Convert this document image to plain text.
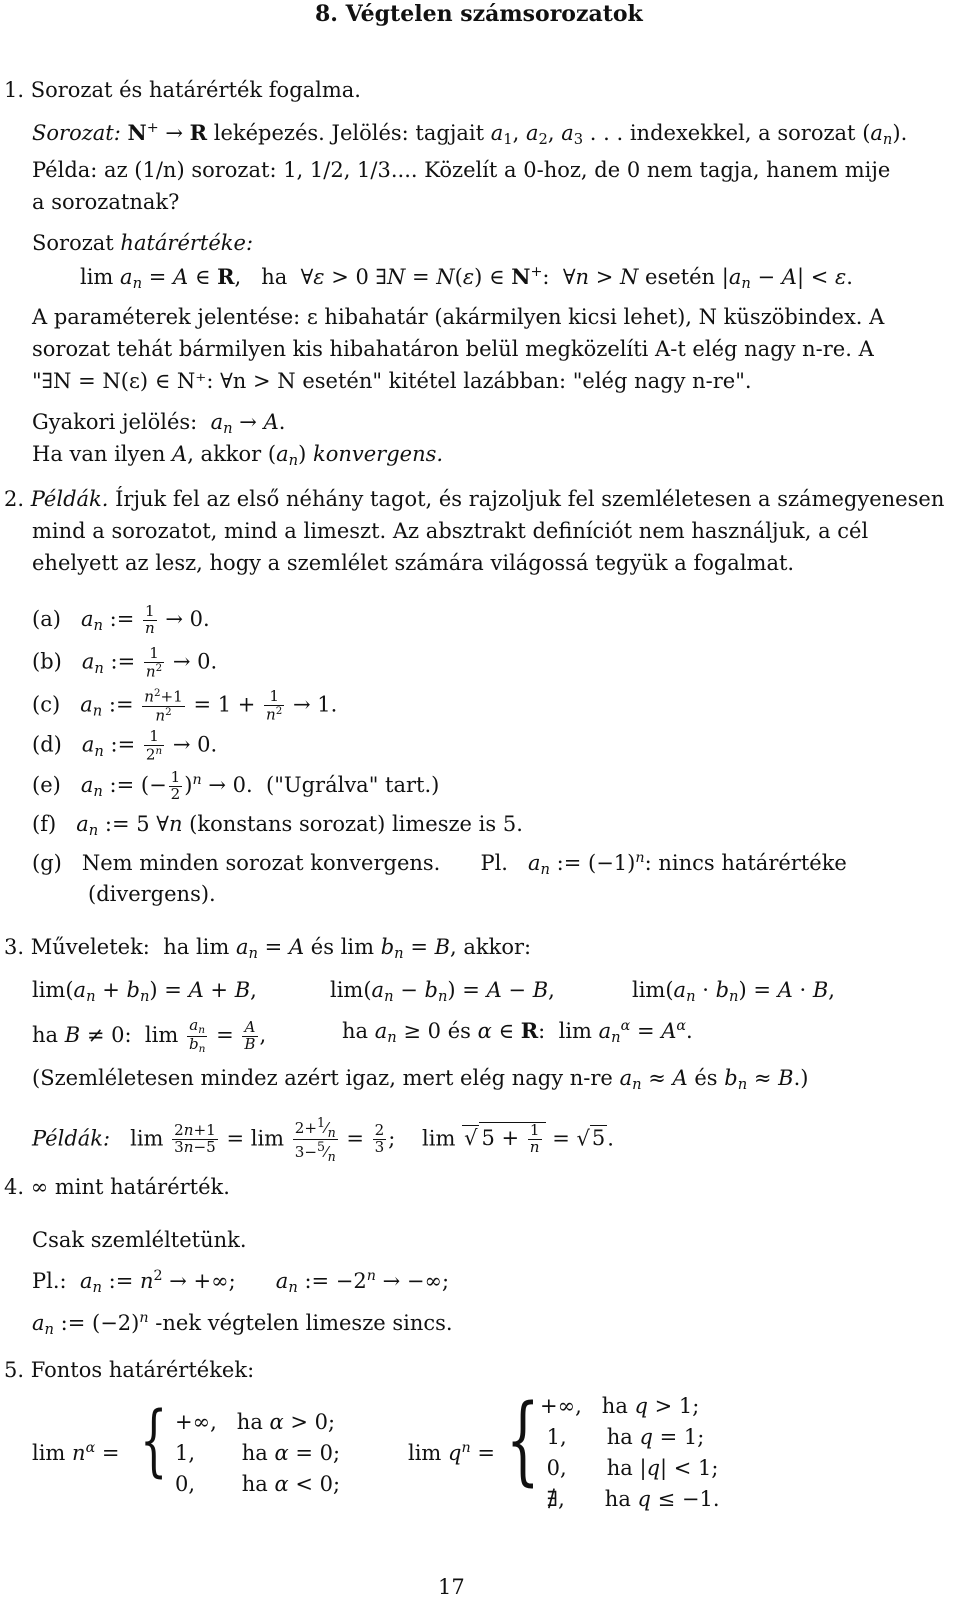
8. Végtelen számsorozatok
1. Sorozat és határérték fogalma.
Sorozat: N+ → R leképezés. Jelölés: tagjait $a_1$, $a_2$, $a_3$ . . . indexekkel, a sorozat $(a_n)$.
Példa: az (1/n) sorozat: 1, 1/2, 1/3.... Közelít a 0-hoz, de 0 nem tagja, hanem mije
a sorozatnak?
Sorozat határértéke:
$\lim a_n = A$ ∈ R,   ha  ∀ε > 0 ∃N = N(ε) ∈ N+:  ∀n > N esetén $|a_n - A| < \varepsilon$.
A paraméterek jelentése: ε hibahatár (akármilyen kicsi lehet), N küszöbindex. A
sorozat tehát bármilyen kis hibahatáron belül megközelíti A-t elég nagy n-re. A
"∃N = N(ε) ∈ N⁺: ∀n > N esetén" kitétel lazábban: "elég nagy n-re".
Gyakori jelölés: $a_n \to A$.
Ha van ilyen A, akkor $(a_n)$ konvergens.
2. Példák. Írjuk fel az első néhány tagot, és rajzoljuk fel szemléletesen a számegyenesen
mind a sorozatot, mind a limeszt. Az absztrakt definíciót nem használjuk, a cél
ehelyett az lesz, hogy a szemlélet számára világossá tegyük a fogalmat.
(a) $a_n$ := $\frac{1}{n} \to 0$.
(b) $a_n$ := $\frac{1}{n^2} \to 0$.
(c) $a_n$ := $\frac{n^2+1}{n^2} = 1 + \frac{1}{n^2} \to 1$.
(d) $a_n$ := $\frac{1}{2^n} \to 0$.
(e) $a_n$ := (− $\frac{1}{2} )^n \to 0$.  ("Ugrálva" tart.)
(f) $a_n$ := 5 ∀n (konstans sorozat) limesze is 5.
(g) Nem minden sorozat konvergens. Pl. $a_n$ := $(-1)^n$: nincs határértéke
(divergens).
3. Műveletek: ha $\lim a_n = A$ és $\lim b_n = B$, akkor:
$\lim(a_n + b_n) = A + B$,	$\lim(a_n - b_n) = A - B$,	$\lim(a_n \cdot b_n) = A \cdot B$,
ha B ≠ 0:  $\lim \frac{a_n}{b_n} = \frac{A}{B}$ ,	ha $a_n \ge 0$ és α ∈ R:  $\lim a_n^\alpha = A^\alpha$.
(Szemléletesen mindez azért igaz, mert elég nagy n-re $a_n \approx A$ és $b_n \approx B$.)
Példák:   $\lim \frac{2n+1}{3n-5} = \lim \frac{2+^1⁄_n}{3-^5⁄_n} = \frac{2}{3}$ ;    lim √ $5 + \frac{1}{n} = √5$.
4. ∞ mint határérték.
Csak szemléltetünk.
Pl.: $a_n$ := $n^2$ → +∞;      $a_n$ := $-2^n$ → −∞;
$a_n$ := $(-2)^n$ -nek végtelen limesze sincs.
5. Fontos határértékek:
$\lim n^\alpha$ = { +∞,   ha α > 0;
1,       ha α = 0;
0,       ha α < 0;
$\lim q^n$ = { +∞,   ha q > 1;
1,      ha q = 1;
0,      ha |q| < 1;
∄,      ha q ≤ −1.
17
